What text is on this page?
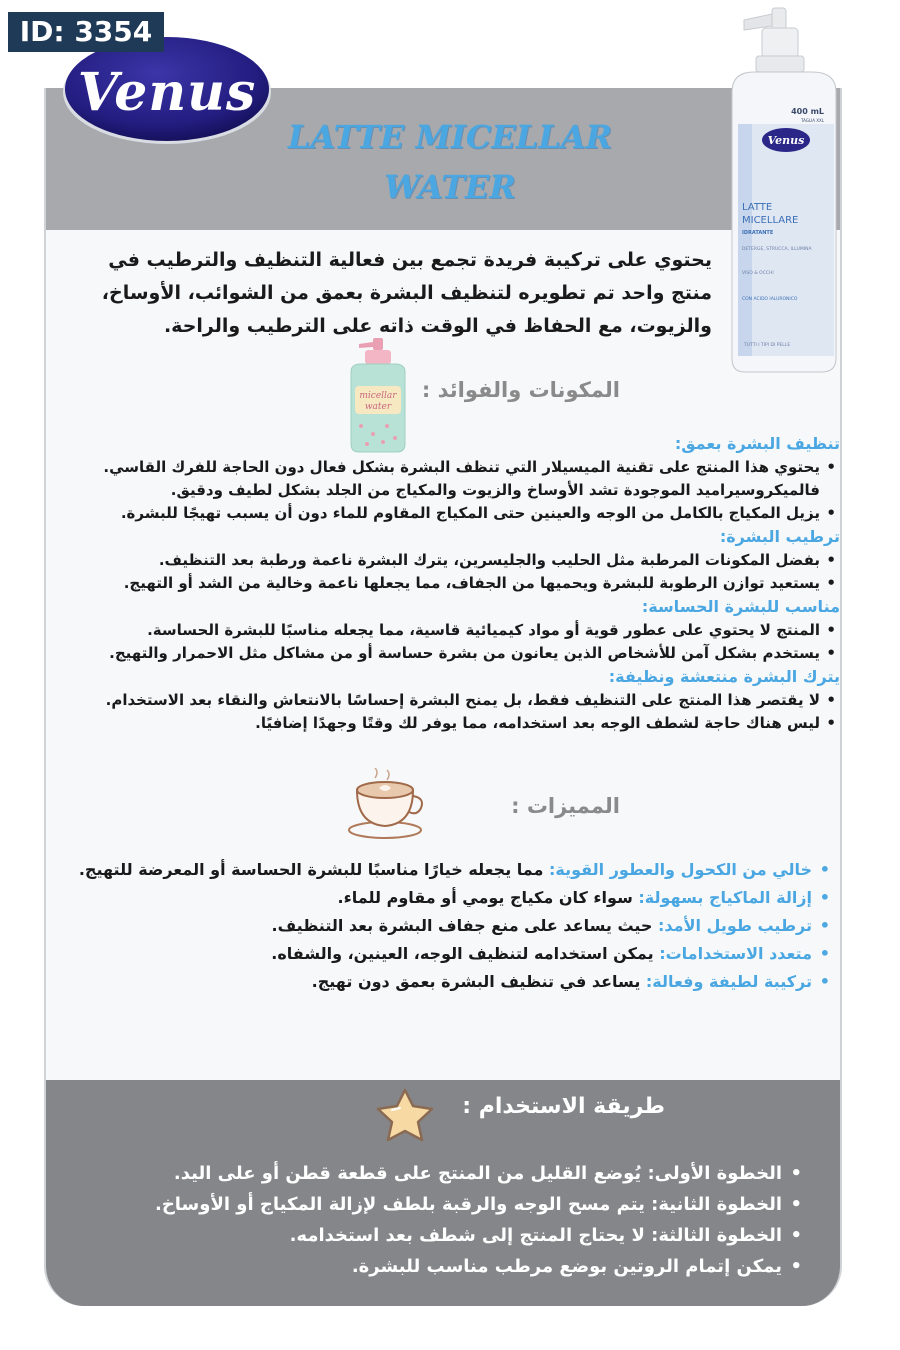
ID: 3354
Venus
LATTE MICELLAR
WATER
400 mL
TAGLIA XXL
Venus
LATTE
MICELLARE
IDRATANTE
DETERGE, STRUCCA, ILLUMINA
VISO & OCCHI
CON ACIDO IALURONICO
TUTTI I TIPI DI PELLE
يحتوي على تركيبة فريدة تجمع بين فعالية التنظيف والترطيب في منتج واحد تم تطويره لتنظيف البشرة بعمق من الشوائب، الأوساخ، والزيوت، مع الحفاظ في الوقت ذاته على الترطيب والراحة.
micellar
water
المكونات والفوائد :
تنظيف البشرة بعمق:
• يحتوي هذا المنتج على تقنية الميسيلار التي تنظف البشرة بشكل فعال دون الحاجة للفرك القاسي. فالميكروسيراميد الموجودة تشد الأوساخ والزيوت والمكياج من الجلد بشكل لطيف ودقيق.
• يزيل المكياج بالكامل من الوجه والعينين حتى المكياج المقاوم للماء دون أن يسبب تهيجًا للبشرة.
ترطيب البشرة:
• بفضل المكونات المرطبة مثل الحليب والجليسرين، يترك البشرة ناعمة ورطبة بعد التنظيف.
• يستعيد توازن الرطوبة للبشرة ويحميها من الجفاف، مما يجعلها ناعمة وخالية من الشد أو التهيج.
مناسب للبشرة الحساسة:
• المنتج لا يحتوي على عطور قوية أو مواد كيميائية قاسية، مما يجعله مناسبًا للبشرة الحساسة.
• يستخدم بشكل آمن للأشخاص الذين يعانون من بشرة حساسة أو من مشاكل مثل الاحمرار والتهيج.
يترك البشرة منتعشة ونظيفة:
• لا يقتصر هذا المنتج على التنظيف فقط، بل يمنح البشرة إحساسًا بالانتعاش والنقاء بعد الاستخدام.
• ليس هناك حاجة لشطف الوجه بعد استخدامه، مما يوفر لك وقتًا وجهدًا إضافيًا.
المميزات :
• خالي من الكحول والعطور القوية: مما يجعله خيارًا مناسبًا للبشرة الحساسة أو المعرضة للتهيج.
• إزالة الماكياج بسهولة: سواء كان مكياج يومي أو مقاوم للماء.
• ترطيب طويل الأمد: حيث يساعد على منع جفاف البشرة بعد التنظيف.
• متعدد الاستخدامات: يمكن استخدامه لتنظيف الوجه، العينين، والشفاه.
• تركيبة لطيفة وفعالة: يساعد في تنظيف البشرة بعمق دون تهيج.
طريقة الاستخدام :
• الخطوة الأولى: يُوضع القليل من المنتج على قطعة قطن أو على اليد.
• الخطوة الثانية: يتم مسح الوجه والرقبة بلطف لإزالة المكياج أو الأوساخ.
• الخطوة الثالثة: لا يحتاج المنتج إلى شطف بعد استخدامه.
• يمكن إتمام الروتين بوضع مرطب مناسب للبشرة.
